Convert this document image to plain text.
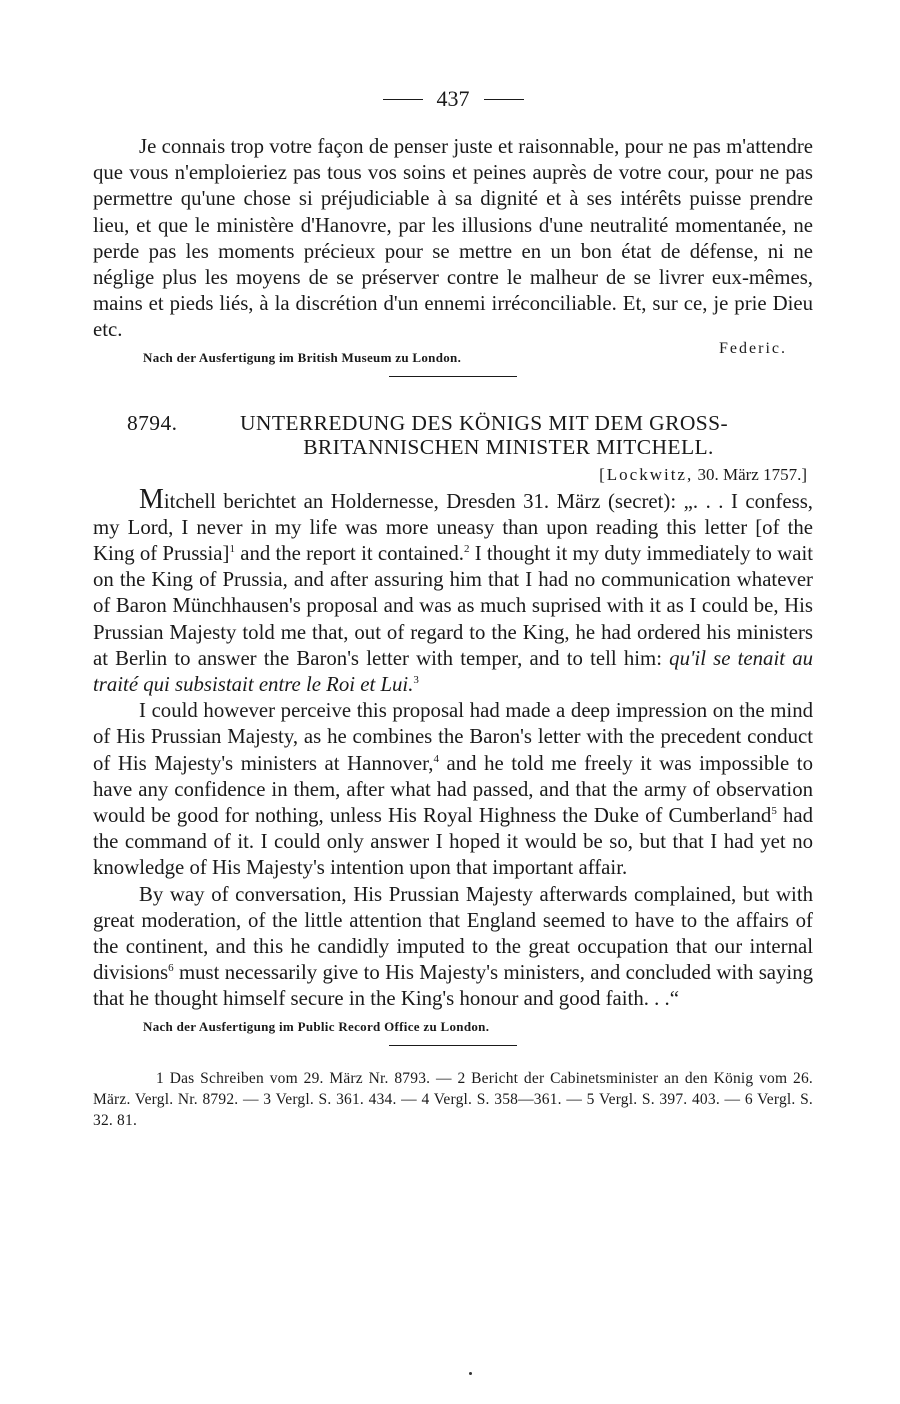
437

Je connais trop votre façon de penser juste et raisonnable, pour ne pas m'attendre que vous n'emploieriez pas tous vos soins et peines auprès de votre cour, pour ne pas permettre qu'une chose si préjudiciable à sa dignité et à ses intérêts puisse prendre lieu, et que le ministère d'Hanovre, par les illusions d'une neutralité momentanée, ne perde pas les moments précieux pour se mettre en un bon état de défense, ni ne néglige plus les moyens de se préserver contre le malheur de se livrer eux-mêmes, mains et pieds liés, à la discrétion d'un ennemi irréconciliable. Et, sur ce, je prie Dieu etc.

Federic.
Nach der Ausfertigung im British Museum zu London.
8794.	UNTERREDUNG DES KÖNIGS MIT DEM GROSS-
BRITANNISCHEN MINISTER MITCHELL.
[Lockwitz, 30. März 1757.]

Mitchell berichtet an Holdernesse, Dresden 31. März (secret): „. . . I confess, my Lord, I never in my life was more uneasy than upon reading this letter [of the King of Prussia]$^1$ and the report it contained.$^2$ I thought it my duty immediately to wait on the King of Prussia, and after assuring him that I had no communication whatever of Baron Münchhausen's proposal and was as much suprised with it as I could be, His Prussian Majesty told me that, out of regard to the King, he had ordered his ministers at Berlin to answer the Baron's letter with temper, and to tell him: qu'il se tenait au traité qui subsistait entre le Roi et Lui.$^3$

I could however perceive this proposal had made a deep impression on the mind of His Prussian Majesty, as he combines the Baron's letter with the precedent conduct of His Majesty's ministers at Hannover,$^4$ and he told me freely it was impossible to have any confidence in them, after what had passed, and that the army of observation would be good for nothing, unless His Royal Highness the Duke of Cumberland$^5$ had the command of it. I could only answer I hoped it would be so, but that I had yet no knowledge of His Majesty's intention upon that important affair.

By way of conversation, His Prussian Majesty afterwards complained, but with great moderation, of the little attention that England seemed to have to the affairs of the continent, and this he candidly imputed to the great occupation that our internal divisions$^6$ must necessarily give to His Majesty's ministers, and concluded with saying that he thought himself secure in the King's honour and good faith. . .“

Nach der Ausfertigung im Public Record Office zu London.

1 Das Schreiben vom 29. März Nr. 8793. — 2 Bericht der Cabinetsminister an den König vom 26. März. Vergl. Nr. 8792. — 3 Vergl. S. 361. 434. — 4 Vergl. S. 358—361. — 5 Vergl. S. 397. 403. — 6 Vergl. S. 32. 81.
